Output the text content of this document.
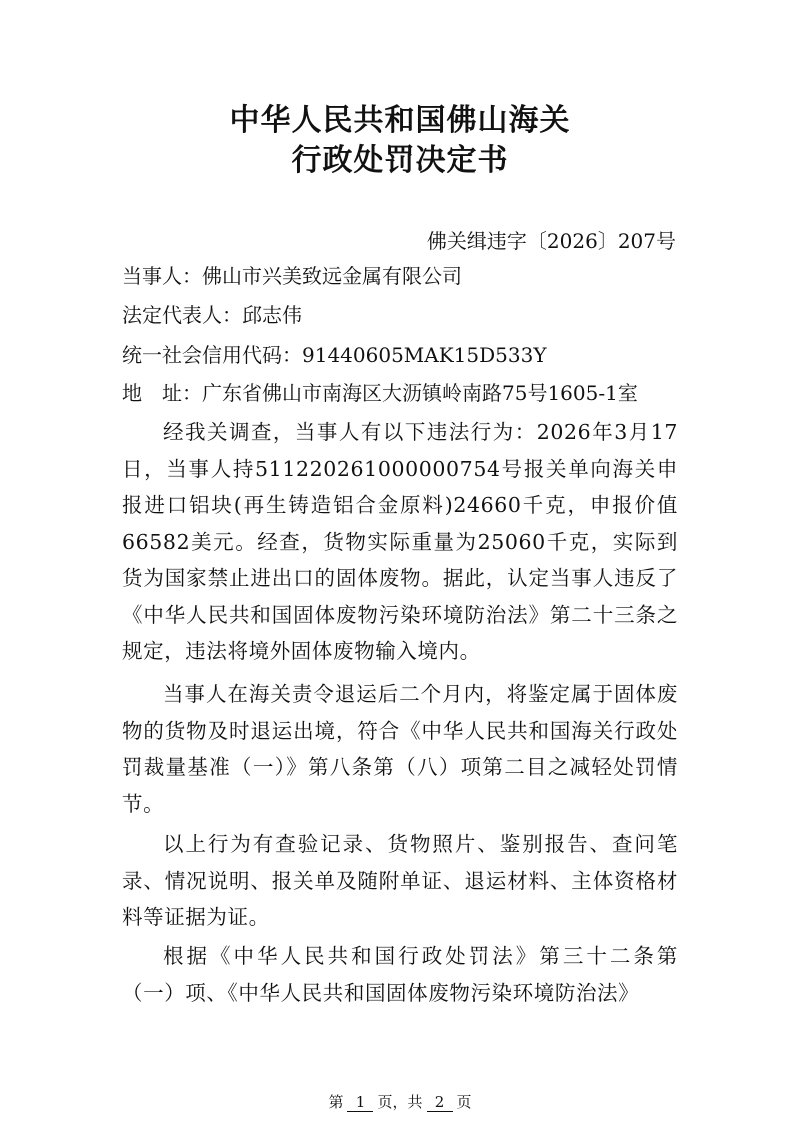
中华人民共和国佛山海关
行政处罚决定书
佛关缉违字〔2026〕207号
当事人：佛山市兴美致远金属有限公司
法定代表人：邱志伟
统一社会信用代码：91440605MAK15D533Y
地　址：广东省佛山市南海区大沥镇岭南路75号1605-1室

经我关调查，当事人有以下违法行为：2026年3月17日，当事人持511220261000000754号报关单向海关申报进口铝块(再生铸造铝合金原料)24660千克，申报价值66582美元。经查，货物实际重量为25060千克，实际到货为国家禁止进出口的固体废物。据此，认定当事人违反了《中华人民共和国固体废物污染环境防治法》第二十三条之规定，违法将境外固体废物输入境内。

当事人在海关责令退运后二个月内，将鉴定属于固体废物的货物及时退运出境，符合《中华人民共和国海关行政处罚裁量基准（一）》第八条第（八）项第二目之减轻处罚情节。

以上行为有查验记录、货物照片、鉴别报告、查问笔录、情况说明、报关单及随附单证、退运材料、主体资格材料等证据为证。

根据《中华人民共和国行政处罚法》第三十二条第（一）项、《中华人民共和国固体废物污染环境防治法》

第 1 页，共 2 页
